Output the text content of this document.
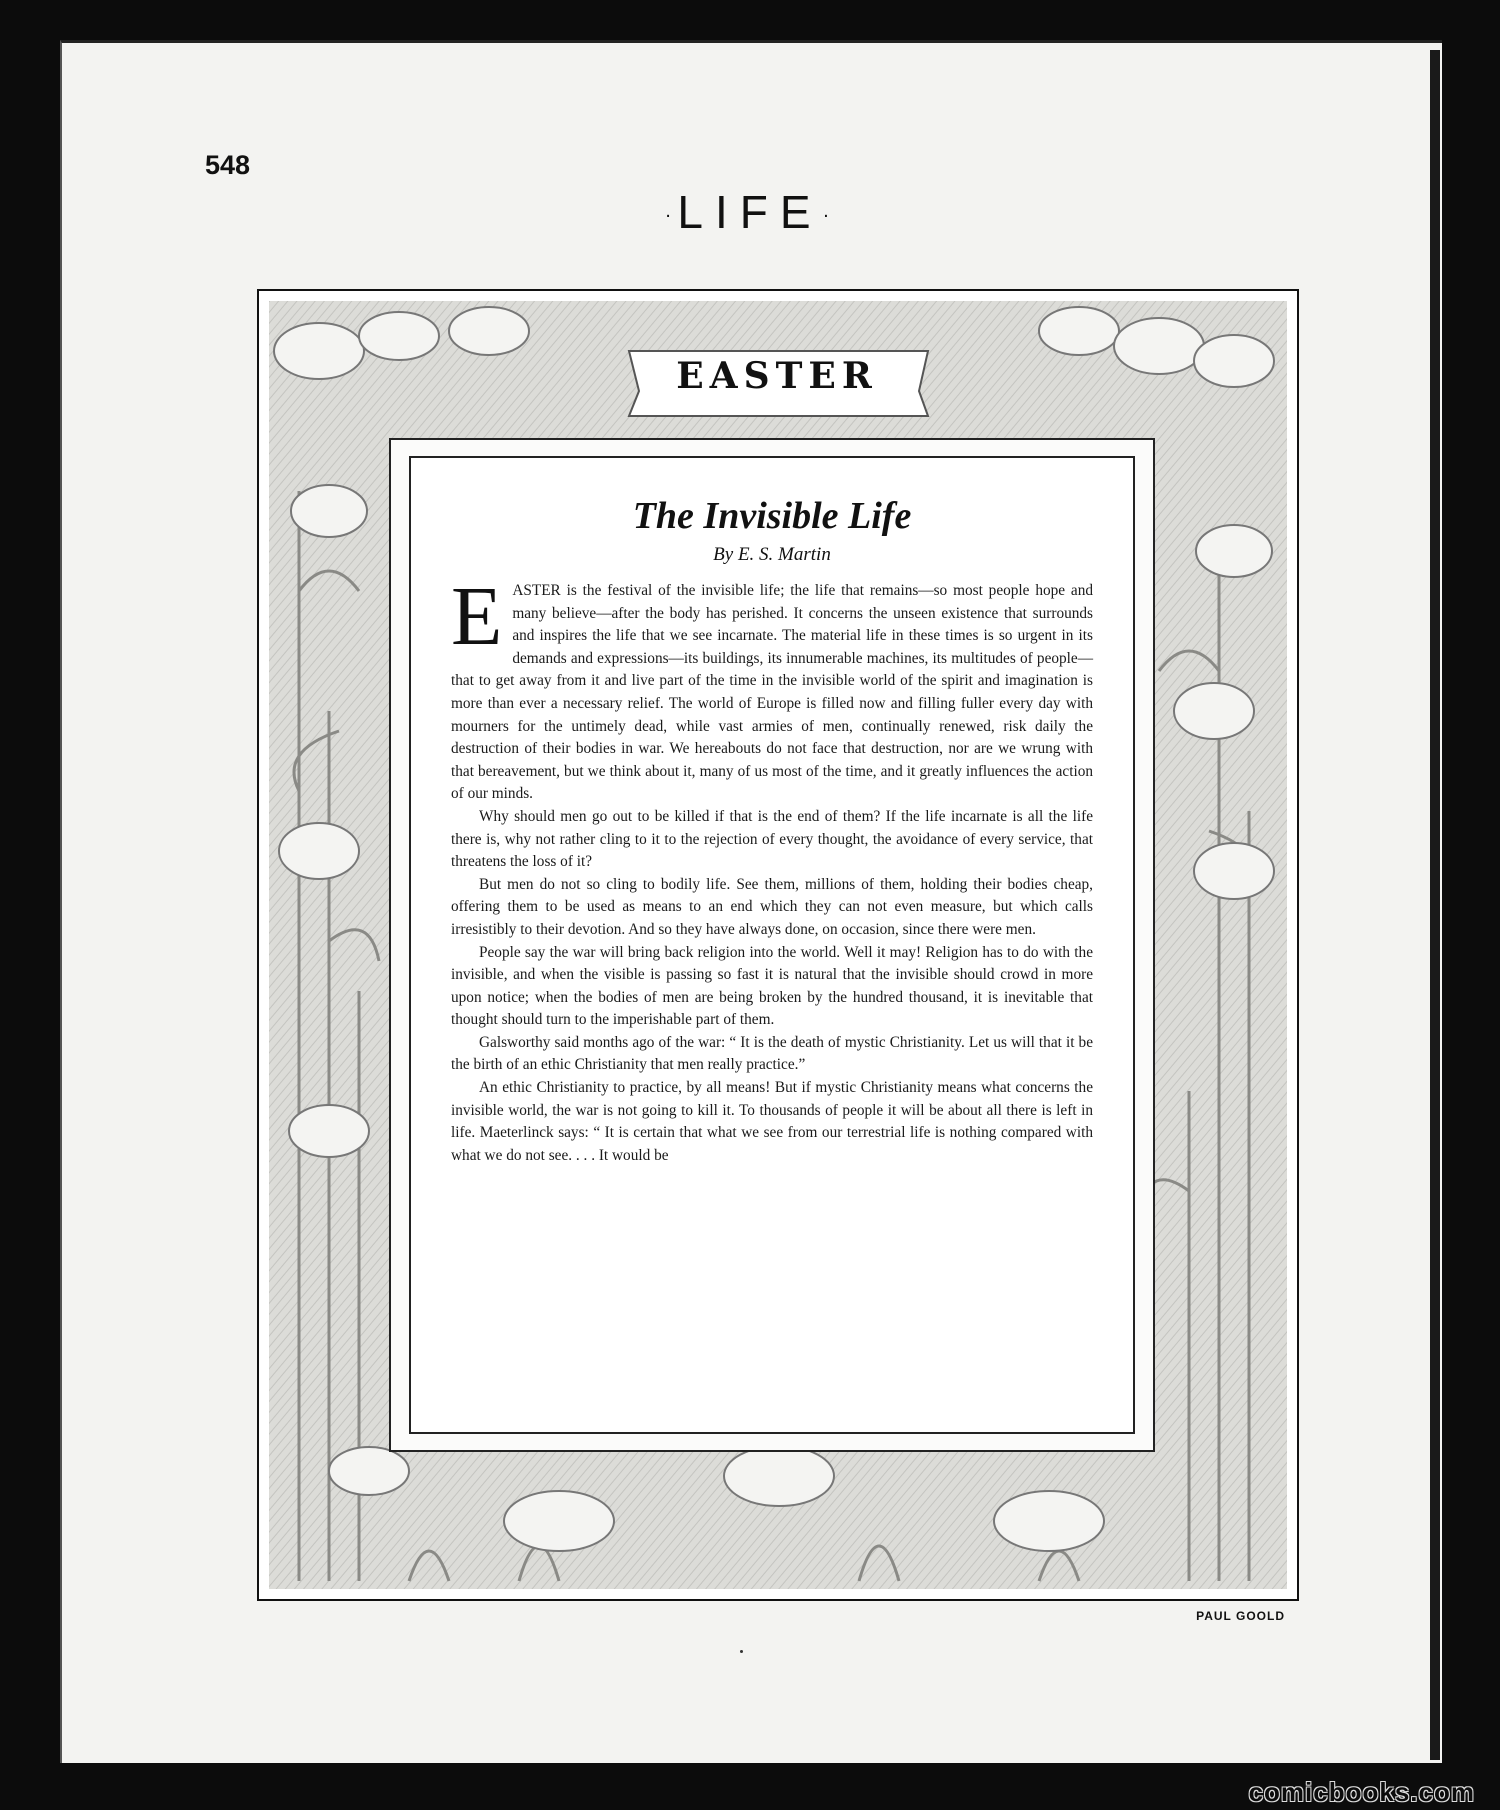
548
·LIFE·
EASTER
The Invisible Life
By E. S. Martin

EASTER is the festival of the invisible life; the life that remains—so most people hope and many believe—after the body has perished. It concerns the unseen existence that surrounds and inspires the life that we see incarnate. The material life in these times is so urgent in its demands and expressions—its buildings, its innumerable machines, its multitudes of people—that to get away from it and live part of the time in the invisible world of the spirit and imagination is more than ever a necessary relief. The world of Europe is filled now and filling fuller every day with mourners for the untimely dead, while vast armies of men, continually renewed, risk daily the destruction of their bodies in war. We hereabouts do not face that destruction, nor are we wrung with that bereavement, but we think about it, many of us most of the time, and it greatly influences the action of our minds.

Why should men go out to be killed if that is the end of them? If the life incarnate is all the life there is, why not rather cling to it to the rejection of every thought, the avoidance of every service, that threatens the loss of it?

But men do not so cling to bodily life. See them, millions of them, holding their bodies cheap, offering them to be used as means to an end which they can not even measure, but which calls irresistibly to their devotion. And so they have always done, on occasion, since there were men.

People say the war will bring back religion into the world. Well it may! Religion has to do with the invisible, and when the visible is passing so fast it is natural that the invisible should crowd in more upon notice; when the bodies of men are being broken by the hundred thousand, it is inevitable that thought should turn to the imperishable part of them.

Galsworthy said months ago of the war: “ It is the death of mystic Christianity. Let us will that it be the birth of an ethic Christianity that men really practice.”

An ethic Christianity to practice, by all means! But if mystic Christianity means what concerns the invisible world, the war is not going to kill it. To thousands of people it will be about all there is left in life. Maeterlinck says: “ It is certain that what we see from our terrestrial life is nothing compared with what we do not see. . . . It would be

PAUL GOOLD
comicbooks.com
